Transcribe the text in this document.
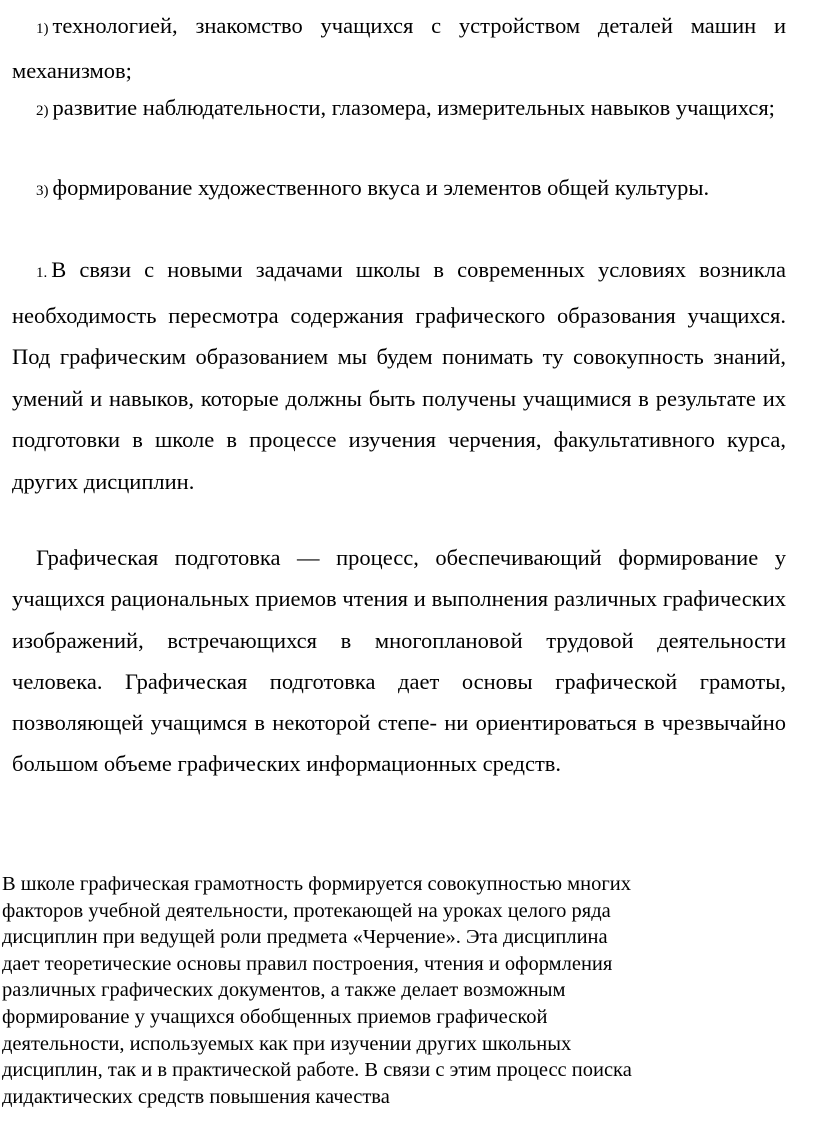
1) технологией, знакомство учащихся с устройством деталей машин и механизмов;
2) развитие наблюдательности, глазомера, измерительных навыков учащихся;
3) формирование художественного вкуса и элементов общей культуры.
1. В связи с новыми задачами школы в современных условиях возникла необходимость пересмотра содержания графического образования учащихся. Под графическим образованием мы будем понимать ту совокупность знаний, умений и навыков, которые должны быть получены учащимися в результате их подготовки в школе в процессе изучения черчения, факультативного курса, других дисциплин.
Графическая подготовка — процесс, обеспечивающий формирование у учащихся рациональных приемов чтения и выполнения различных графических изображений, встречающихся в многоплановой трудовой деятельности человека. Графическая подготовка дает основы графической грамоты, позволяющей учащимся в некоторой степе- ни ориентироваться в чрезвычайно большом объеме графических информационных средств.
В школе графическая грамотность формируется совокупностью многих
факторов учебной деятельности, протекающей на уроках целого ряда
дисциплин при ведущей роли предмета «Черчение». Эта дисциплина
дает теоретические основы правил построения, чтения и оформления
различных графических документов, а также делает возможным
формирование у учащихся обобщенных приемов графической
деятельности, используемых как при изучении других школьных
дисциплин, так и в практической работе. В связи с этим процесс поиска
дидактических средств повышения качества
